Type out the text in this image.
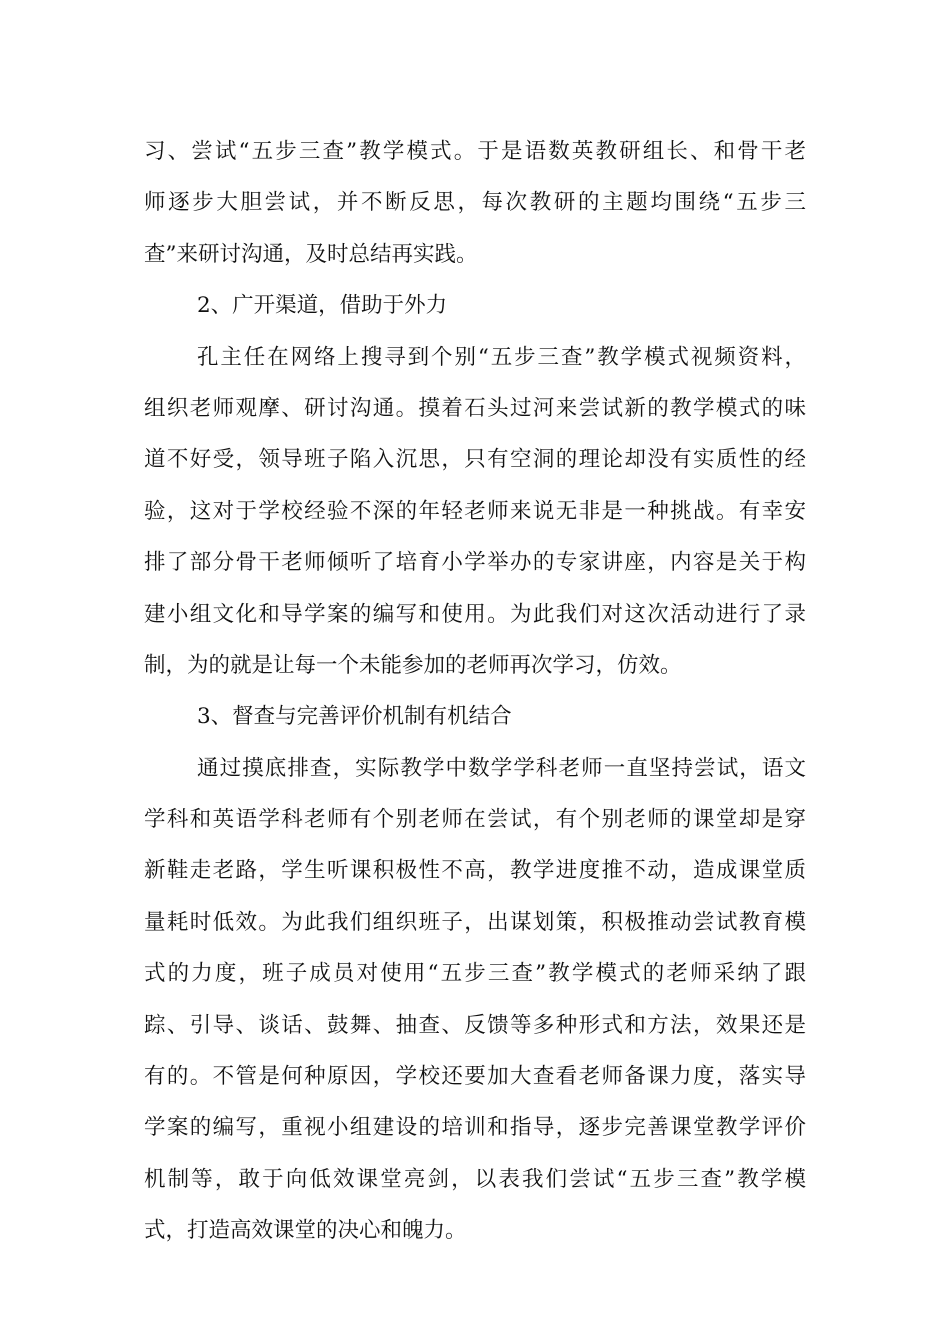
习、尝试“五步三查”教学模式。于是语数英教研组长、和骨干老
师逐步大胆尝试，并不断反思，每次教研的主题均围绕“五步三
查”来研讨沟通，及时总结再实践。
2、广开渠道，借助于外力
孔主任在网络上搜寻到个别“五步三查”教学模式视频资料，
组织老师观摩、研讨沟通。摸着石头过河来尝试新的教学模式的味
道不好受，领导班子陷入沉思，只有空洞的理论却没有实质性的经
验，这对于学校经验不深的年轻老师来说无非是一种挑战。有幸安
排了部分骨干老师倾听了培育小学举办的专家讲座，内容是关于构
建小组文化和导学案的编写和使用。为此我们对这次活动进行了录
制，为的就是让每一个未能参加的老师再次学习，仿效。
3、督查与完善评价机制有机结合
通过摸底排查，实际教学中数学学科老师一直坚持尝试，语文
学科和英语学科老师有个别老师在尝试，有个别老师的课堂却是穿
新鞋走老路，学生听课积极性不高，教学进度推不动，造成课堂质
量耗时低效。为此我们组织班子，出谋划策，积极推动尝试教育模
式的力度，班子成员对使用“五步三查”教学模式的老师采纳了跟
踪、引导、谈话、鼓舞、抽查、反馈等多种形式和方法，效果还是
有的。不管是何种原因，学校还要加大查看老师备课力度，落实导
学案的编写，重视小组建设的培训和指导，逐步完善课堂教学评价
机制等，敢于向低效课堂亮剑，以表我们尝试“五步三查”教学模
式，打造高效课堂的决心和魄力。
